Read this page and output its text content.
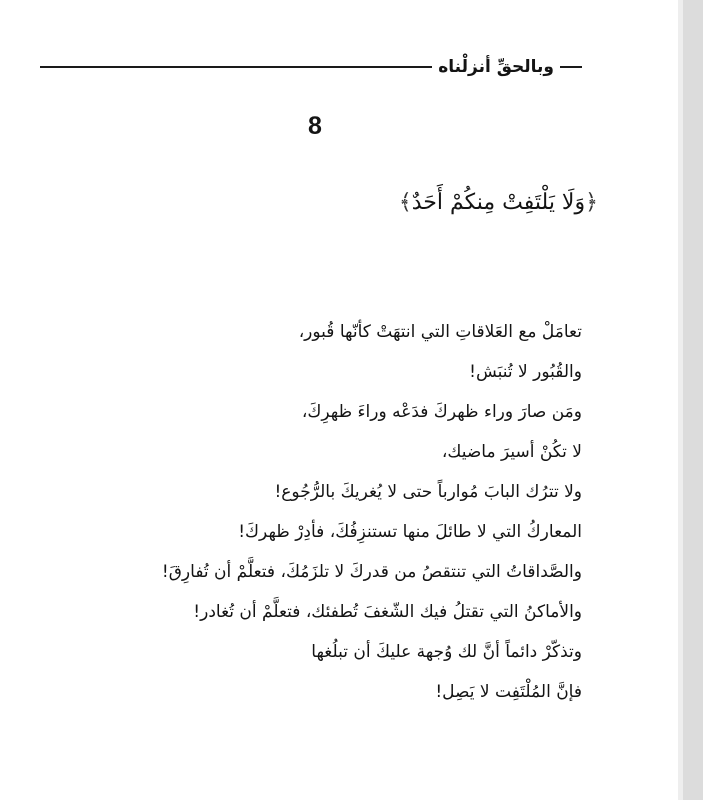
وبالحقِّ أنزلْناه
8
﴿وَلَا يَلْتَفِتْ مِنكُمْ أَحَدٌ﴾
تعامَلْ مع العَلاقاتِ التي انتهَتْ كأنّها قُبور،
والقُبُور لا تُنبَش!
ومَن صارَ وراء ظهركَ فدَعْه وراءَ ظهرِكَ،
لا تكُنْ أسيرَ ماضيك،
ولا تترُك البابَ مُوارباً حتى لا يُغريكَ بالرُّجُوع!
المعاركُ التي لا طائلَ منها تستنزِفُكَ، فأدِرْ ظهركَ!
والصَّداقاتُ التي تنتقصُ من قدركَ لا تلزَمُكَ، فتعلَّمْ أن تُفارِقَ!
والأماكنُ التي تقتلُ فيك الشّغفَ تُطفئك، فتعلَّمْ أن تُغادر!
وتذكّرْ دائماً أنَّ لك وُجهة عليكَ أن تبلُغها
فإنَّ المُلْتَفِت لا يَصِل!
